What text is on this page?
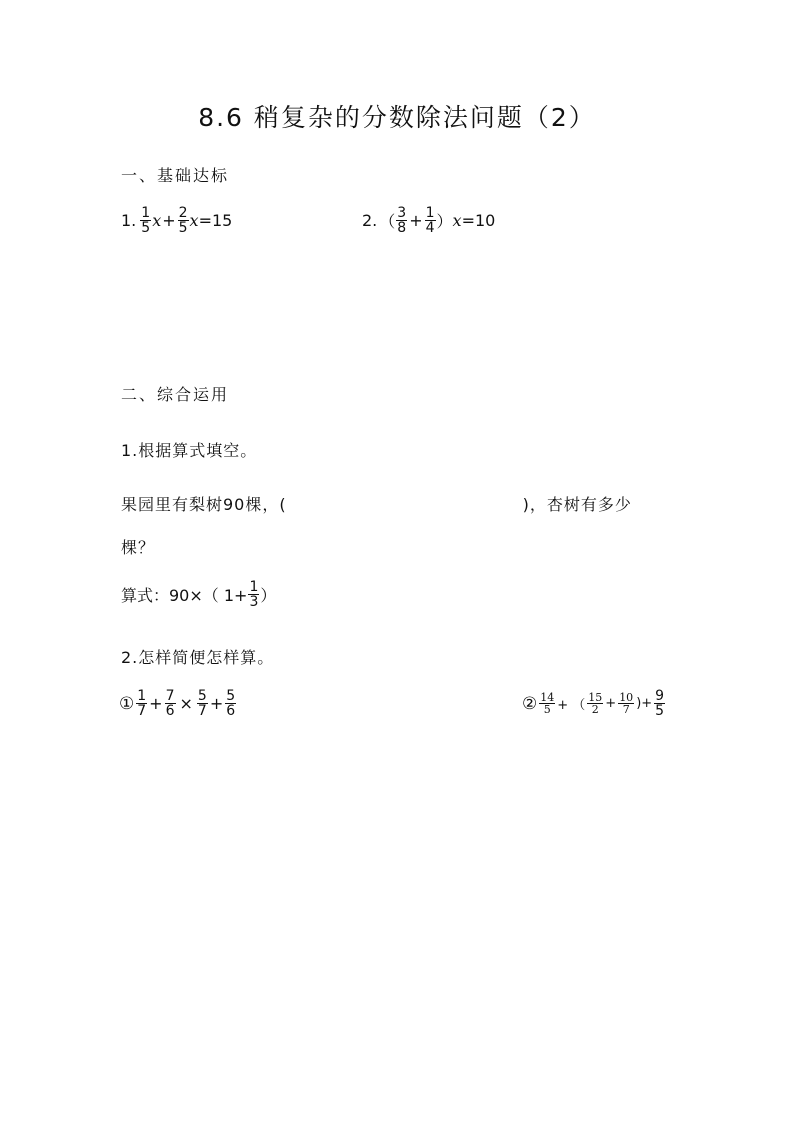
8.6 稍复杂的分数除法问题（2）
一、基础达标
1. $\frac{1}{5}$ $x + \frac{2}{5}$ x =15	2. （ $\frac{3}{8} + \frac{1}{4}$ ） x =10
二、综合运用
1.根据算式填空。
果园里有梨树90棵，(	)，杏树有多少
棵？
算式：90×（ $1+ \frac{1}{3}$ ）
2.怎样简便怎样算。
① $\frac{1}{7} + \frac{7}{6} \times \frac{5}{7} + \frac{5}{6}$	② $\frac{14}{5}$ + （ $\frac{15}{2} + \frac{10}{7}$ )+ $\frac{9}{5}$
